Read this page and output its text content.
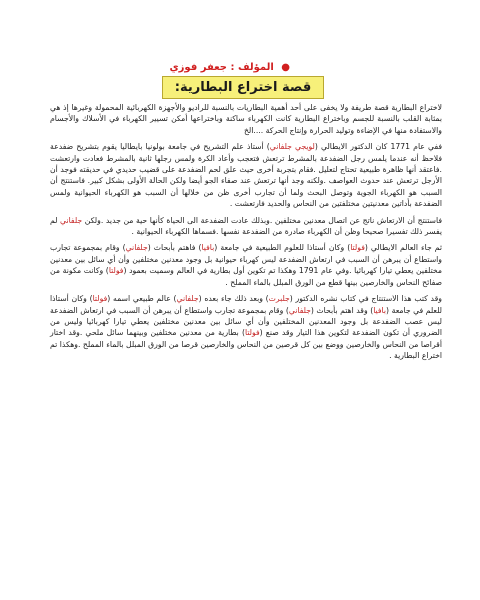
● المؤلف : جعفر فوزي
قصة اختراع البطارية:

لاختراع البطارية قصة طريفة ولا يخفى على أحد أهمية البطاريات بالنسبة للراديو والأجهزة الكهربائية المحمولة وغيرها إذ هي بمثابة القلب بالنسبة للجسم وباختراع البطارية كانت الكهرباء ساكنة وباختراعها أمكن تسيير الكهرباء في الأسلاك والأجسام والاستفادة منها في الإضاءة وتوليد الحرارة وإنتاج الحركة ....الخ

ففي عام 1771 كان الدكتور الايطالي (لويجي جلفاني) أستاذ علم التشريح في جامعة بولونيا بايطاليا يقوم بتشريح ضفدعة فلاحظ أنه عندما يلمس رجل الضفدعة بالمشرط ترتعش فتعجب وأعاد الكرة ولمس رجلها ثانية بالمشرط فعادت وارتعشت .فاعتقد أنها ظاهرة طبيعية تحتاج لتعليل .فقام بتجربة أخرى حيث علق لحم الضفدعة على قضيب حديدي في حديقته فوجد أن الأرجل ترتعش عند حدوث العواصف .ولكنه وجد أنها ترتعش عند صفاء الجو أيضا ولكن الحالة الأولى بشكل كبير. فاستنتج أن السبب هو الكهرباء الجوية وتوصل البحث ولما أن تجارب أخرى ظن من خلالها أن السبب هو الكهرباء الحيوانية ولمس الضفدعة بأداتين معدنيتين مختلفتين من النحاس والحديد فارتعشت .

فاستنتج أن الارتعاش ناتج عن اتصال معدنين مختلفين .وبذلك عادت الضفدعة الى الحياة كأنها حية من جديد .ولكن جلفاني لم يفسر ذلك تفسيرا صحيحا وظن أن الكهرباء صادرة من الضفدعة نفسها .فسماها الكهرباء الحيوانية .

ثم جاء العالم الايطالي (فولتا) وكان أستاذا للعلوم الطبيعية في جامعة (بافيا) فاهتم بأبحاث (جلفاني) وقام بمجموعة تجارب واستطاع أن يبرهن أن السبب في ارتعاش الضفدعة ليس كهرباء حيوانية بل وجود معدنين مختلفين وأن أي سائل بين معدنين مختلفين يعطي تيارا كهربائيا .وفي عام 1791 وهكذا تم تكوين أول بطارية في العالم وسميت بعمود (فولتا) وكانت مكونة من صفائح النحاس والخارصين بينها قطع من الورق المبلل بالماء المملح .

وقد كتب هذا الاستنتاج في كتاب نشره الدكتور (جلبرت) وبعد ذلك جاء بعده (جلفاني) عالم طبيعي اسمه (فولتا) وكان أستاذا للعلم في جامعة (بافيا) وقد اهتم بأبحاث (جلفاني) وقام بمجموعة تجارب واستطاع أن يبرهن أن السبب في ارتعاش الضفدعة ليس عصب الضفدعة بل وجود المعدنين المختلفين وأن أي سائل بين معدنين مختلفين يعطي تيارا كهربائيا وليس من الضروري أن تكون الضفدعة لتكوين هذا التيار وقد صنع (فولتا) بطارية من معدنين مختلفين وبينهما سائل ملحي .وقد اختار أقراصا من النحاس والخارصين ووضع بين كل قرصين من النحاس والخارصين قرصا من الورق المبلل بالماء المملح .وهكذا تم اختراع البطارية .
